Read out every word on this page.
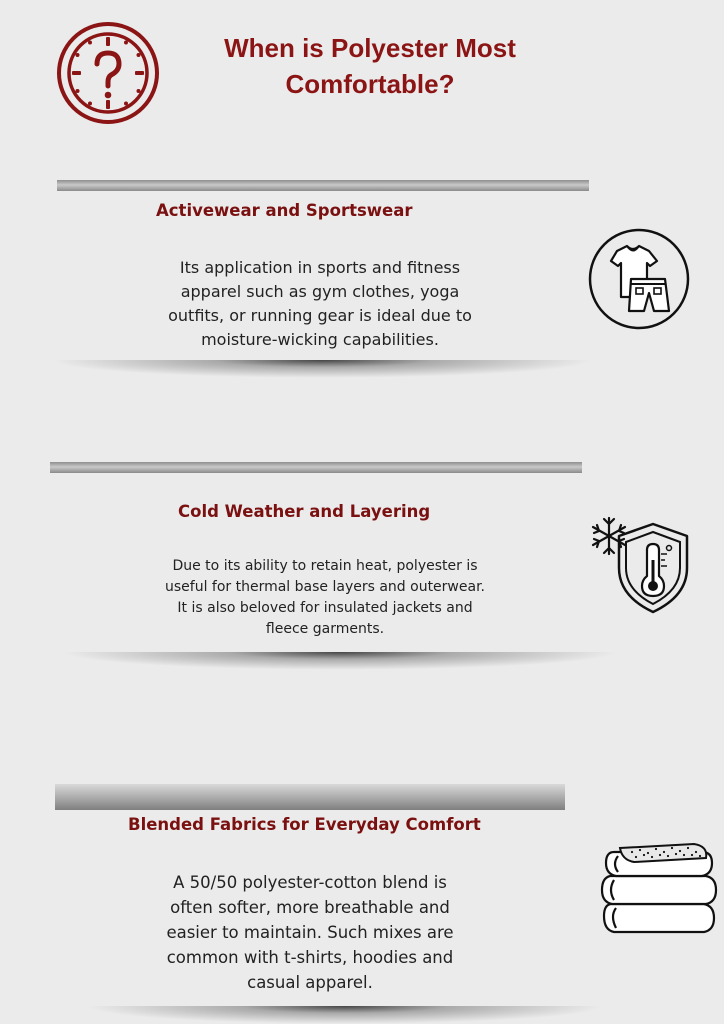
When is Polyester Most
Comfortable?
Activewear and Sportswear
Its application in sports and fitness
apparel such as gym clothes, yoga
outfits, or running gear is ideal due to
moisture-wicking capabilities.
Cold Weather and Layering
Due to its ability to retain heat, polyester is
useful for thermal base layers and outerwear.
It is also beloved for insulated jackets and
fleece garments.
Blended Fabrics for Everyday Comfort
A 50/50 polyester-cotton blend is
often softer, more breathable and
easier to maintain. Such mixes are
common with t-shirts, hoodies and
casual apparel.
